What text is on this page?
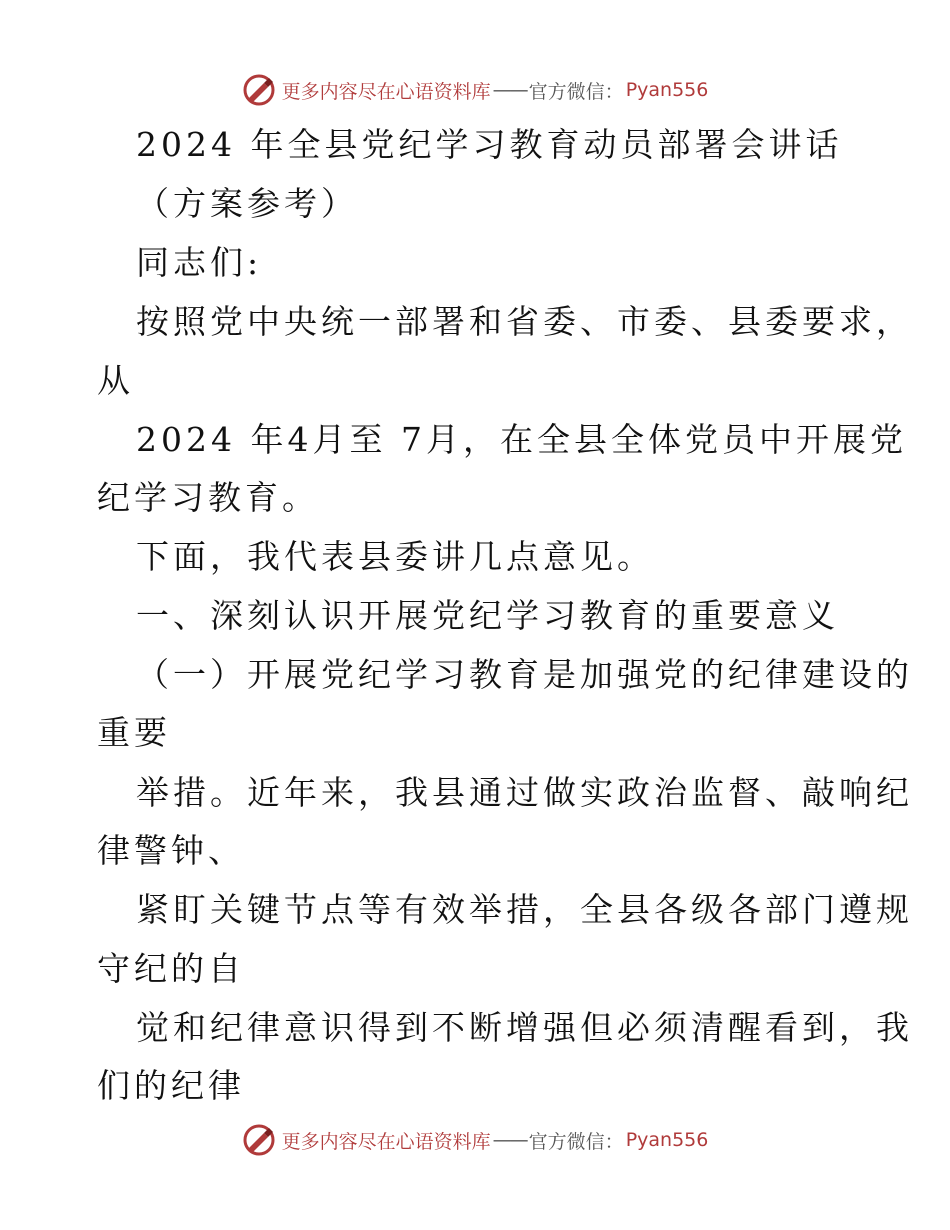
更多内容尽在心语资料库 —— 官方微信： Pyan556
2024 年全县党纪学习教育动员部署会讲话
（方案参考）
同志们:
按照党中央统一部署和省委、市委、县委要求，
从
2024 年4月至 7月，在全县全体党员中开展党
纪学习教育。
下面，我代表县委讲几点意见。
一、深刻认识开展党纪学习教育的重要意义
（一）开展党纪学习教育是加强党的纪律建设的
重要
举措。近年来，我县通过做实政治监督、敲响纪
律警钟、
紧盯关键节点等有效举措，全县各级各部门遵规
守纪的自
觉和纪律意识得到不断增强但必须清醒看到，我
们的纪律
更多内容尽在心语资料库 —— 官方微信： Pyan556
